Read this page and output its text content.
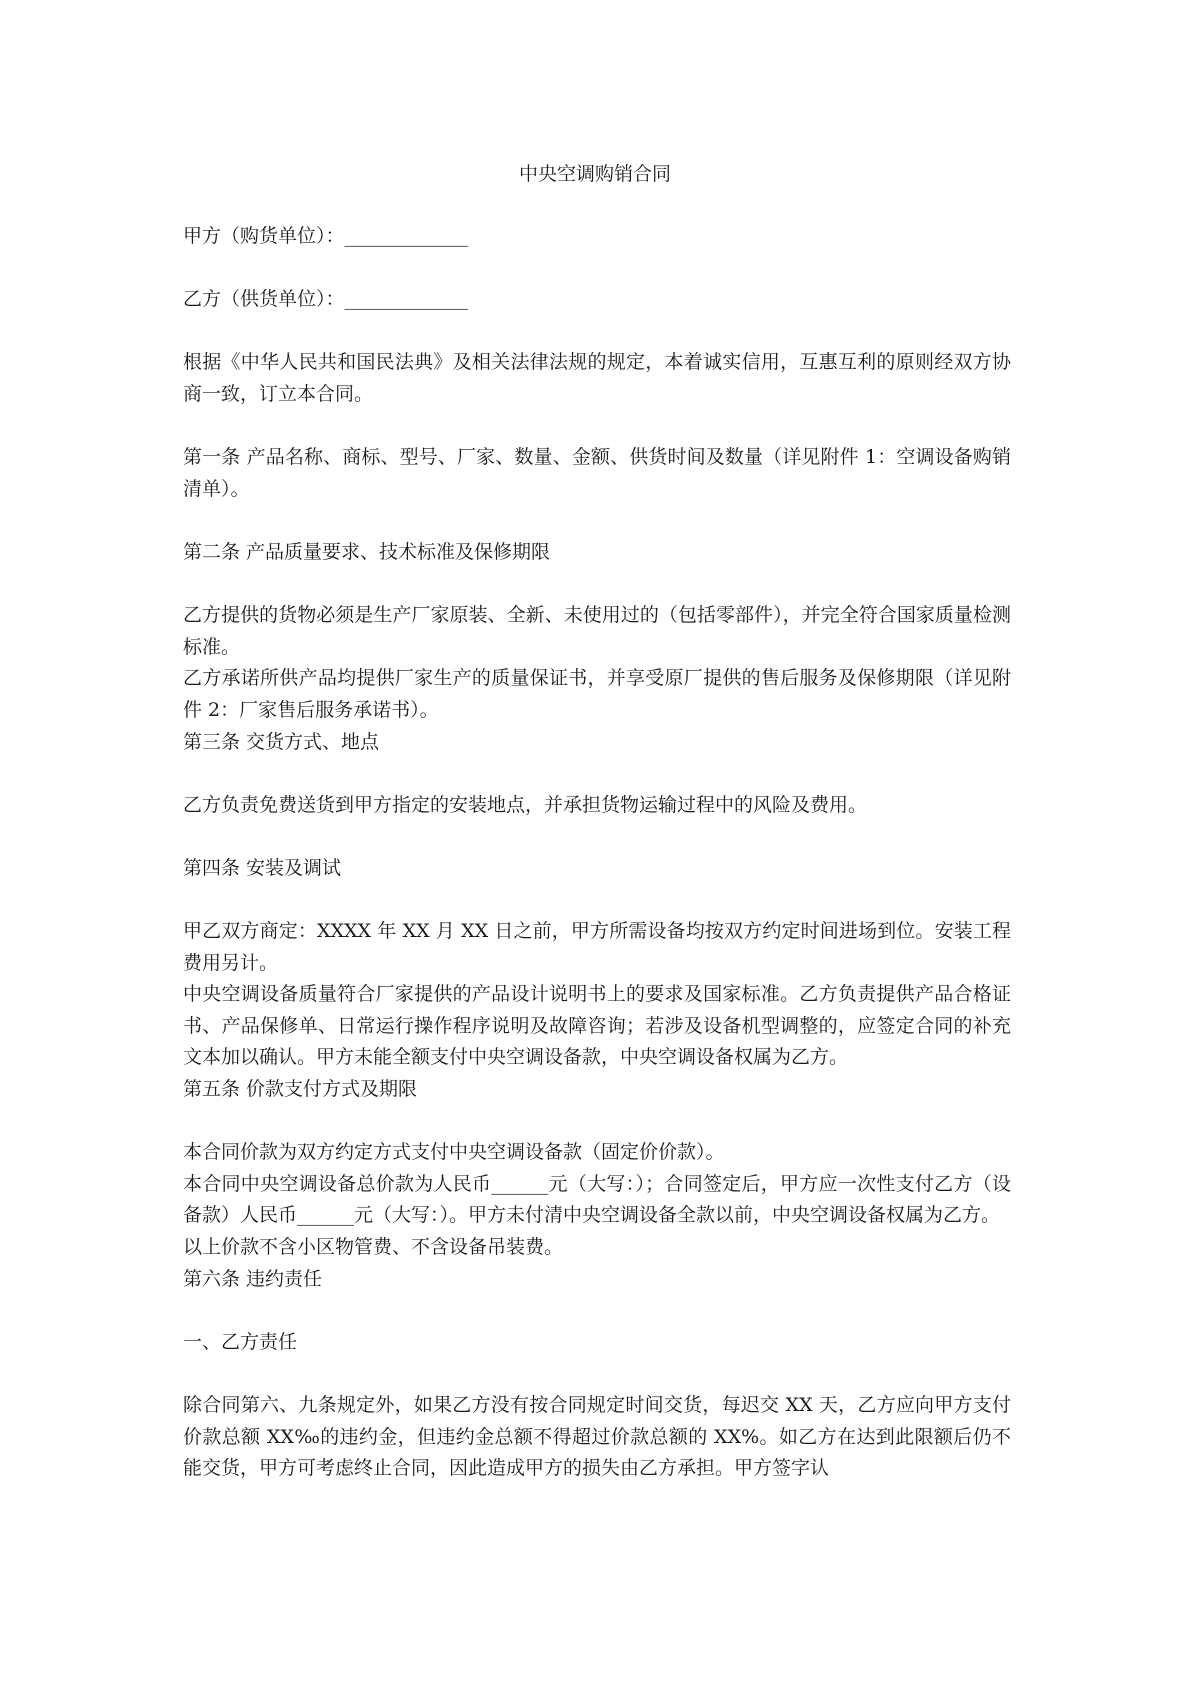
中央空调购销合同

甲方（购货单位）：_____________

乙方（供货单位）：_____________

根据《中华人民共和国民法典》及相关法律法规的规定，本着诚实信用，互惠互利的原则经双方协商一致，订立本合同。

第一条 产品名称、商标、型号、厂家、数量、金额、供货时间及数量（详见附件 1：空调设备购销清单）。

第二条 产品质量要求、技术标准及保修期限

乙方提供的货物必须是生产厂家原装、全新、未使用过的（包括零部件），并完全符合国家质量检测标准。

乙方承诺所供产品均提供厂家生产的质量保证书，并享受原厂提供的售后服务及保修期限（详见附件 2：厂家售后服务承诺书）。

第三条 交货方式、地点

乙方负责免费送货到甲方指定的安装地点，并承担货物运输过程中的风险及费用。

第四条 安装及调试

甲乙双方商定：XXXX 年 XX 月 XX 日之前，甲方所需设备均按双方约定时间进场到位。安装工程费用另计。

中央空调设备质量符合厂家提供的产品设计说明书上的要求及国家标准。乙方负责提供产品合格证书、产品保修单、日常运行操作程序说明及故障咨询；若涉及设备机型调整的，应签定合同的补充文本加以确认。甲方未能全额支付中央空调设备款，中央空调设备权属为乙方。

第五条 价款支付方式及期限

本合同价款为双方约定方式支付中央空调设备款（固定价价款）。

本合同中央空调设备总价款为人民币______元（大写：）；合同签定后，甲方应一次性支付乙方（设备款）人民币______元（大写：）。甲方未付清中央空调设备全款以前，中央空调设备权属为乙方。

以上价款不含小区物管费、不含设备吊装费。

第六条 违约责任

一、乙方责任

除合同第六、九条规定外，如果乙方没有按合同规定时间交货，每迟交 XX 天，乙方应向甲方支付价款总额 XX‰的违约金，但违约金总额不得超过价款总额的 XX%。如乙方在达到此限额后仍不能交货，甲方可考虑终止合同，因此造成甲方的损失由乙方承担。甲方签字认
